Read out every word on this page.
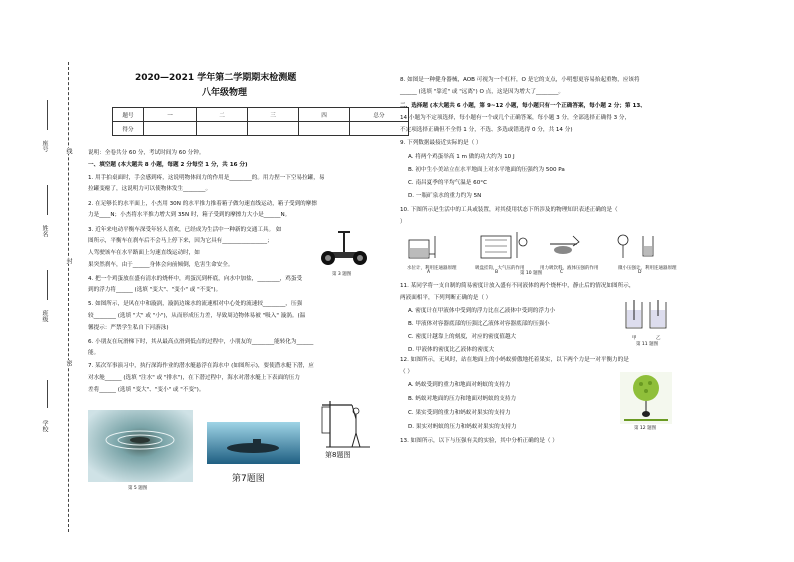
学校
班级
姓名
座号
密
封
线
2020—2021 学年第二学期期末检测题
八年级物理
题号	一	二	三	四	总分
得分					
说明：全卷共分 60 分，考试时间为 60 分钟。
一、填空题 (本大题共 8 小题，每题 2 分每空 1 分，共 16 分)
1. 用手拍桌面时，手会感到疼，这说明物体间力的作用是________的。用力捏一下空易拉罐，易
拉罐变瘪了，这说明力可以使物体发生________。
2. 在足够长的水平面上，小杰用 30N 的水平推力推着箱子做匀速直线运动，箱子受到的摩擦
力是____N；小杰将水平推力增大到 35N 时，箱子受到的摩擦力大小是______N。
3. 近年来电动平衡车深受年轻人喜欢，已经成为生活中一种新的交通工具。 如
图所示，平衡车在刹车后不会马上停下来，因为它具有________________；
人驾驶该车在水平路面上匀速直线运动时，如
果突然刹车，由于______身体会向前倾倒，危害生命安全。
4. 把一个鸡蛋放在盛有清水的烧杯中，鸡蛋沉到杯底，向水中加盐，________，鸡蛋受
到的浮力将______ (选填 "变大"、"变小" 或 "不变")。
5. 如图所示，是风在中和漩涡，漩涡边缘水的流速相对中心处的流速较________，压强
较________ (选填 "大" 或 "小")，从而形成压力差，导致周边物体易被 "吸入" 漩涡。(温
馨提示：严禁学生私自下河游泳)
6. 小朋友在玩滑梯下时，其从最高点滑到低点的过程中，小朋友的________能转化为______
能。
7. 某次军事演习中，执行深海作业的潜水艇悬浮在海水中 (如图所示)，要使潜水艇下潜，应
对水舱______ (选填 "注水" 或 "排水")，在下潜过程中，海水对潜水艇上下表面的压力
差将______ (选填 "变大"、"变小" 或 "不变")。
第 3 题图
第 5 题图
第7题图
第8题图
8. 如图是一种健身器械，AOB 可视为一个杠杆，O 是它的支点，小明想更容易抬起重物，应该将
______ (选填 "靠近" 或 "远离") O 点，这是因为增大了________。
二、选择题 (本大题共 6 小题，第 9~12 小题，每小题只有一个正确答案，每小题 2 分；第 13、
14 小题为不定项选择，每小题有一个或几个正确答案，每小题 3 分，全部选择正确得 3 分，
不定项选择正确但不全得 1 分，不选、多选或错选得 0 分，共 14 分)
9. 下列数据最接近实际的是（ ）
A. 将两个鸡蛋举高 1 m 做的功大约为 10 J
B. 初中生小美站立在水平地面上对水平地面的压强约为 500 Pa
C. 南昌夏季的平均气温是 60°C
D. 一瓶矿泉水的重力约为 5N
10. 下图所示是生活中的工具或装置，对其使用状态下所涉及的物理知识表述正确的是（
）
水位计，利用连通器原理	吸盘挂钩，大气压的作用	用力吸饮料，液体压强的作用	微小压强计，利用连通器原理
A	B	C	D
第 10 题图
11. 某同学将一支自制的简易密度计放入盛有不同液体的两个烧杯中，静止后的情况如图所示，
两液面相平，下列判断正确的是（ ）
A. 密度计在甲液体中受到的浮力比在乙液体中受到的浮力小
B. 甲液体对容器底部的压强比乙液体对容器底部的压强小
C. 密度计越靠上的刻度，对应的密度值越大
D. 甲液体的密度比乙液体的密度大
甲	乙
第 11 题图
12. 如图所示，无风时，站在地面上的小蚂蚁骄傲地托着果实，以下两个力是一对平衡力的是
（ ）
A. 蚂蚁受到的重力和地面对蚂蚁的支持力
B. 蚂蚁对地面的压力和地面对蚂蚁的支持力
C. 果实受到的重力和蚂蚁对果实的支持力
D. 果实对蚂蚁的压力和蚂蚁对果实的支持力	第 12 题图
13. 如图所示，以下与压强有关的实验，其中分析正确的是（ ）
